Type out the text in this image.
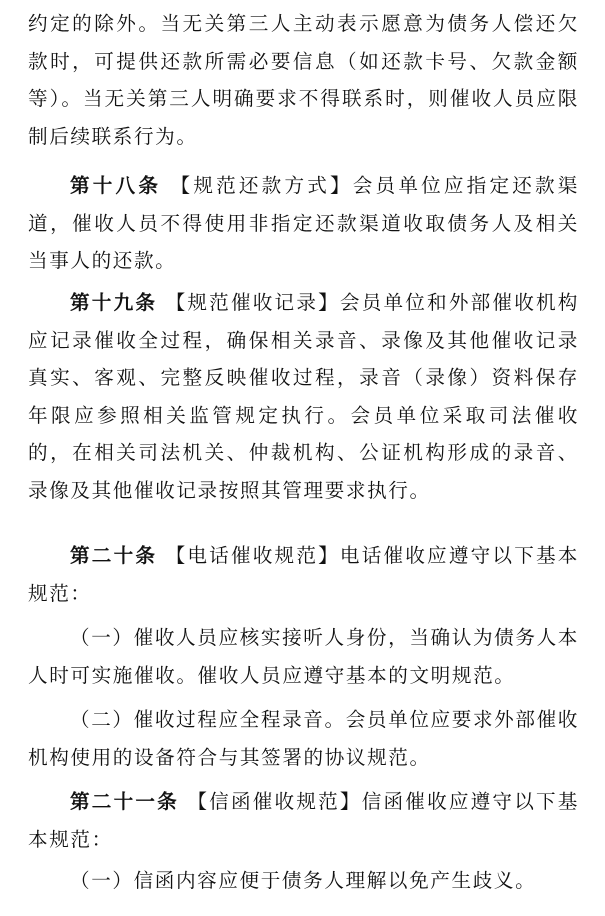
约定的除外。当无关第三人主动表示愿意为债务人偿还欠款时，可提供还款所需必要信息（如还款卡号、欠款金额等）。当无关第三人明确要求不得联系时，则催收人员应限制后续联系行为。

第十八条 【规范还款方式】会员单位应指定还款渠道，催收人员不得使用非指定还款渠道收取债务人及相关当事人的还款。

第十九条 【规范催收记录】会员单位和外部催收机构应记录催收全过程，确保相关录音、录像及其他催收记录真实、客观、完整反映催收过程，录音（录像）资料保存年限应参照相关监管规定执行。会员单位采取司法催收的，在相关司法机关、仲裁机构、公证机构形成的录音、录像及其他催收记录按照其管理要求执行。

第二十条 【电话催收规范】电话催收应遵守以下基本规范：

（一）催收人员应核实接听人身份，当确认为债务人本人时可实施催收。催收人员应遵守基本的文明规范。

（二）催收过程应全程录音。会员单位应要求外部催收机构使用的设备符合与其签署的协议规范。

第二十一条 【信函催收规范】信函催收应遵守以下基本规范：

（一）信函内容应便于债务人理解以免产生歧义。
